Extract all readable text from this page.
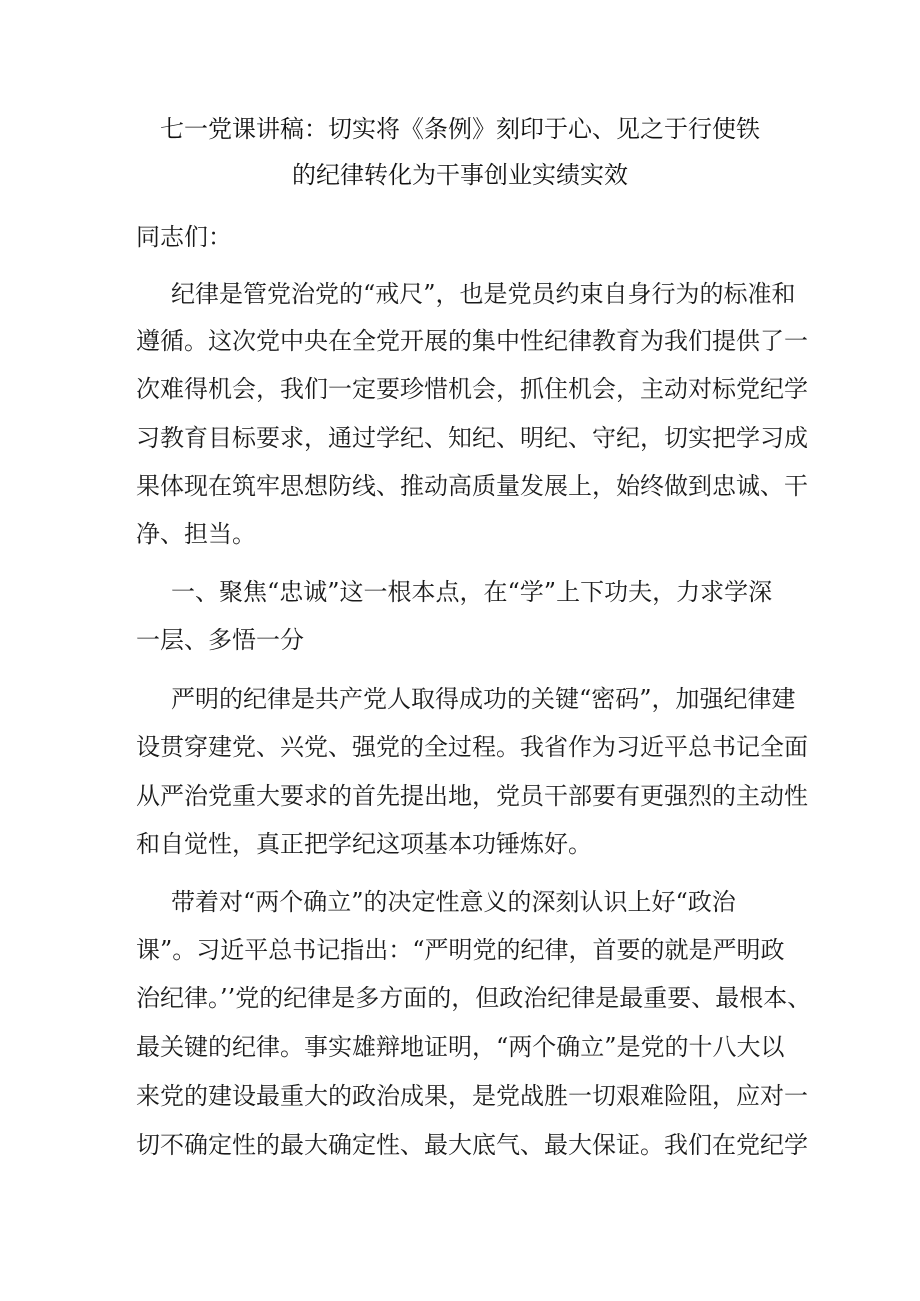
七一党课讲稿：切实将《条例》刻印于心、见之于行使铁
的纪律转化为干事创业实绩实效
同志们：
纪律是管党治党的“戒尺”，也是党员约束自身行为的标准和
遵循。这次党中央在全党开展的集中性纪律教育为我们提供了一
次难得机会，我们一定要珍惜机会，抓住机会，主动对标党纪学
习教育目标要求，通过学纪、知纪、明纪、守纪，切实把学习成
果体现在筑牢思想防线、推动高质量发展上，始终做到忠诚、干
净、担当。
一、聚焦“忠诚”这一根本点，在“学”上下功夫，力求学深
一层、多悟一分
严明的纪律是共产党人取得成功的关键“密码”，加强纪律建
设贯穿建党、兴党、强党的全过程。我省作为习近平总书记全面
从严治党重大要求的首先提出地，党员干部要有更强烈的主动性
和自觉性，真正把学纪这项基本功锤炼好。
带着对“两个确立”的决定性意义的深刻认识上好“政治
课”。习近平总书记指出：“严明党的纪律，首要的就是严明政
治纪律。’’党的纪律是多方面的，但政治纪律是最重要、最根本、
最关键的纪律。事实雄辩地证明，“两个确立”是党的十八大以
来党的建设最重大的政治成果，是党战胜一切艰难险阻，应对一
切不确定性的最大确定性、最大底气、最大保证。我们在党纪学
